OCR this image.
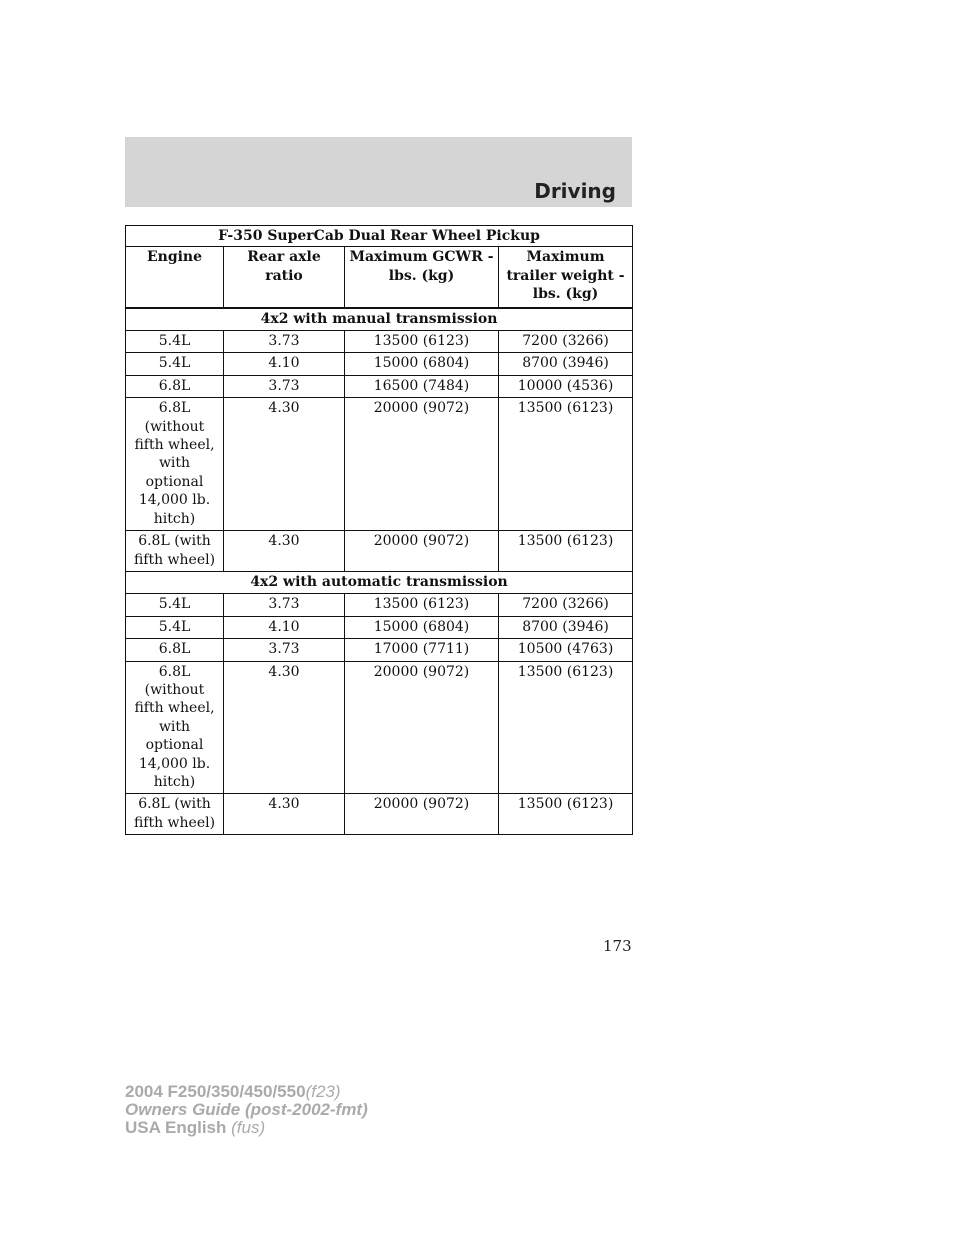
Driving
F-350 SuperCab Dual Rear Wheel Pickup			
Engine	Rear axle ratio	Maximum GCWR - lbs. (kg)	Maximum trailer weight - lbs. (kg)
4x2 with manual transmission			
5.4L	3.73	13500 (6123)	7200 (3266)
5.4L	4.10	15000 (6804)	8700 (3946)
6.8L	3.73	16500 (7484)	10000 (4536)
6.8L (without fifth wheel, with optional 14,000 lb. hitch)	4.30	20000 (9072)	13500 (6123)
6.8L (with fifth wheel)	4.30	20000 (9072)	13500 (6123)
4x2 with automatic transmission			
5.4L	3.73	13500 (6123)	7200 (3266)
5.4L	4.10	15000 (6804)	8700 (3946)
6.8L	3.73	17000 (7711)	10500 (4763)
6.8L (without fifth wheel, with optional 14,000 lb. hitch)	4.30	20000 (9072)	13500 (6123)
6.8L (with fifth wheel)	4.30	20000 (9072)	13500 (6123)
173
2004 F250/350/450/550(f23)
Owners Guide (post-2002-fmt)
USA English (fus)
